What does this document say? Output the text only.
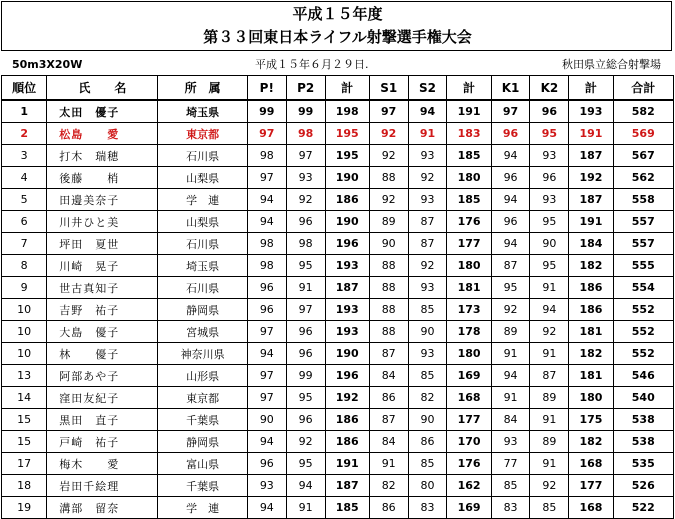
平成１５年度
第３３回東日本ライフル射撃選手権大会
50m3X20W	平成１５年６月２９日.	秋田県立総合射撃場
順位	氏　　名	所　属	P!	P2	計	S1	S2	計	K1	K2	計	合計
1	太田　優子	埼玉県	99	99	198	97	94	191	97	96	193	582
2	松島　　愛	東京都	97	98	195	92	91	183	96	95	191	569
3	打木　瑞穂	石川県	98	97	195	92	93	185	94	93	187	567
4	後藤　　梢	山梨県	97	93	190	88	92	180	96	96	192	562
5	田邊美奈子	学　連	94	92	186	92	93	185	94	93	187	558
6	川井ひと美	山梨県	94	96	190	89	87	176	96	95	191	557
7	坪田　夏世	石川県	98	98	196	90	87	177	94	90	184	557
8	川崎　晃子	埼玉県	98	95	193	88	92	180	87	95	182	555
9	世古真知子	石川県	96	91	187	88	93	181	95	91	186	554
10	吉野　祐子	静岡県	96	97	193	88	85	173	92	94	186	552
10	大島　優子	宮城県	97	96	193	88	90	178	89	92	181	552
10	林　　優子	神奈川県	94	96	190	87	93	180	91	91	182	552
13	阿部あや子	山形県	97	99	196	84	85	169	94	87	181	546
14	窪田友紀子	東京都	97	95	192	86	82	168	91	89	180	540
15	黒田　直子	千葉県	90	96	186	87	90	177	84	91	175	538
15	戸崎　祐子	静岡県	94	92	186	84	86	170	93	89	182	538
17	梅木　　愛	富山県	96	95	191	91	85	176	77	91	168	535
18	岩田千絵理	千葉県	93	94	187	82	80	162	85	92	177	526
19	溝部　留奈	学　連	94	91	185	86	83	169	83	85	168	522
